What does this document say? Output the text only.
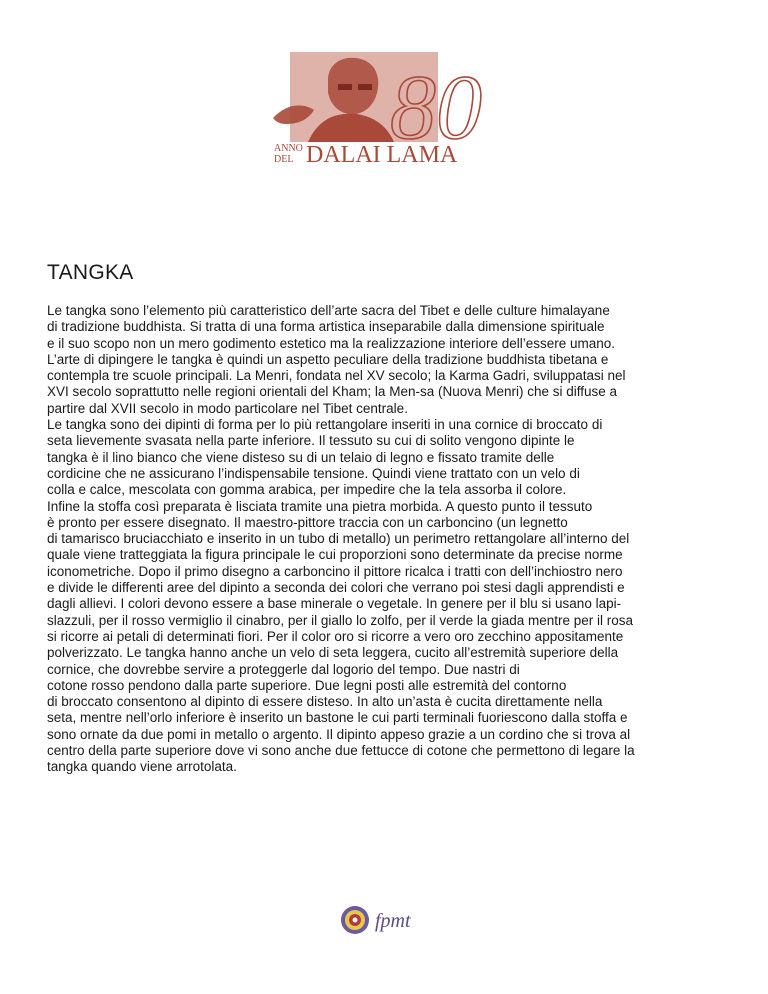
80
ANNO
DEL DALAI LAMA
TANGKA
Le tangka sono l’elemento più caratteristico dell’arte sacra del Tibet e delle culture himalayane
di tradizione buddhista. Si tratta di una forma artistica inseparabile dalla dimensione spirituale
e il suo scopo non un mero godimento estetico ma la realizzazione interiore dell’essere umano.
L’arte di dipingere le tangka è quindi un aspetto peculiare della tradizione buddhista tibetana e
contempla tre scuole principali. La Menri, fondata nel XV secolo; la Karma Gadri, sviluppatasi nel
XVI secolo soprattutto nelle regioni orientali del Kham; la Men-sa (Nuova Menri) che si diffuse a
partire dal XVII secolo in modo particolare nel Tibet centrale.
Le tangka sono dei dipinti di forma per lo più rettangolare inseriti in una cornice di broccato di
seta lievemente svasata nella parte inferiore. Il tessuto su cui di solito vengono dipinte le
tangka è il lino bianco che viene disteso su di un telaio di legno e fissato tramite delle
cordicine che ne assicurano l’indispensabile tensione. Quindi viene trattato con un velo di
colla e calce, mescolata con gomma arabica, per impedire che la tela assorba il colore.
Infine la stoffa così preparata è lisciata tramite una pietra morbida. A questo punto il tessuto
è pronto per essere disegnato. Il maestro-pittore traccia con un carboncino (un legnetto
di tamarisco bruciacchiato e inserito in un tubo di metallo) un perimetro rettangolare all’interno del
quale viene tratteggiata la figura principale le cui proporzioni sono determinate da precise norme
iconometriche. Dopo il primo disegno a carboncino il pittore ricalca i tratti con dell’inchiostro nero
e divide le differenti aree del dipinto a seconda dei colori che verrano poi stesi dagli apprendisti e
dagli allievi. I colori devono essere a base minerale o vegetale. In genere per il blu si usano lapi-
slazzuli, per il rosso vermiglio il cinabro, per il giallo lo zolfo, per il verde la giada mentre per il rosa
si ricorre ai petali di determinati fiori. Per il color oro si ricorre a vero oro zecchino appositamente
polverizzato. Le tangka hanno anche un velo di seta leggera, cucito all’estremità superiore della
cornice, che dovrebbe servire a proteggerle dal logorio del tempo. Due nastri di
cotone rosso pendono dalla parte superiore. Due legni posti alle estremità del contorno
di broccato consentono al dipinto di essere disteso. In alto un’asta è cucita direttamente nella
seta, mentre nell’orlo inferiore è inserito un bastone le cui parti terminali fuoriescono dalla stoffa e
sono ornate da due pomi in metallo o argento. Il dipinto appeso grazie a un cordino che si trova al
centro della parte superiore dove vi sono anche due fettucce di cotone che permettono di legare la
tangka quando viene arrotolata.
fpmt
